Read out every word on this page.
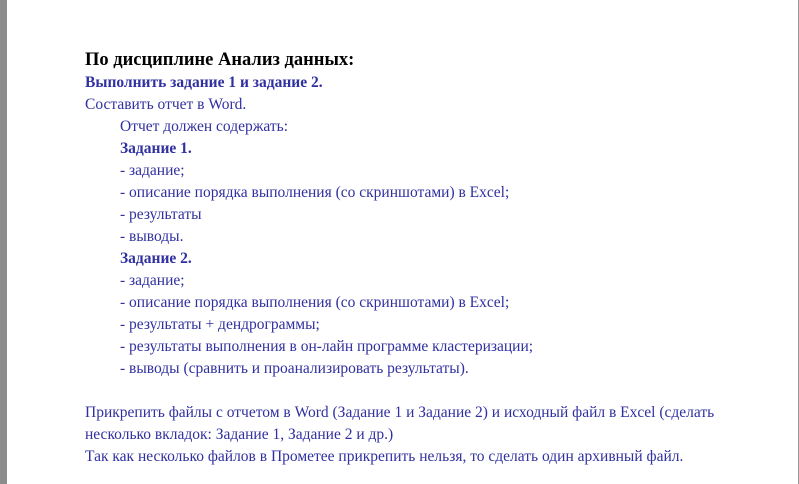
По дисциплине Анализ данных:

Выполнить задание 1 и задание 2.

Составить отчет в Word.

Отчет должен содержать:

Задание 1.

- задание;

- описание порядка выполнения (со скриншотами) в Excel;

- результаты

- выводы.

Задание 2.

- задание;

- описание порядка выполнения (со скриншотами) в Excel;

- результаты + дендрограммы;

- результаты выполнения в он-лайн программе кластеризации;

- выводы (сравнить и проанализировать результаты).

Прикрепить файлы с отчетом в Word (Задание 1 и Задание 2) и исходный файл в Excel (сделать

несколько вкладок: Задание 1, Задание 2 и др.)

Так как несколько файлов в Прометее прикрепить нельзя, то сделать один архивный файл.
